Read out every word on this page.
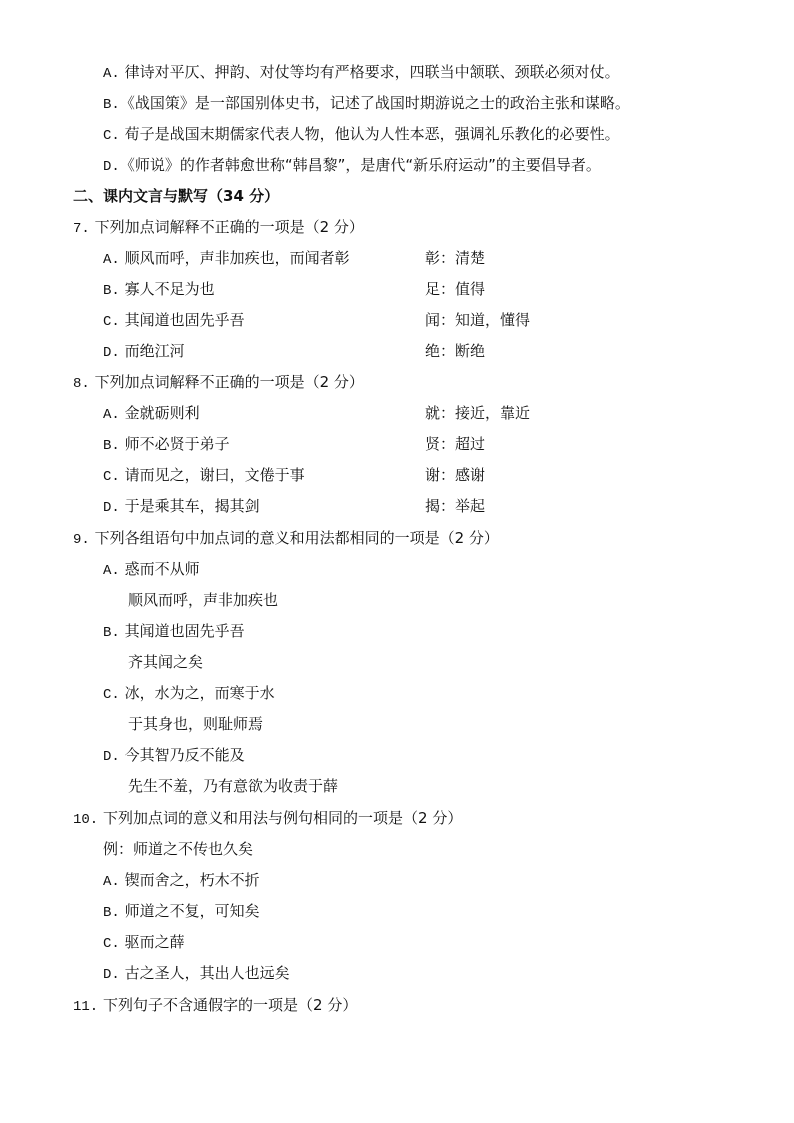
A. 律诗对平仄、押韵、对仗等均有严格要求，四联当中颔联、颈联必须对仗。
B.《战国策》是一部国别体史书，记述了战国时期游说之士的政治主张和谋略。
C. 荀子是战国末期儒家代表人物，他认为人性本恶，强调礼乐教化的必要性。
D.《师说》的作者韩愈世称“韩昌黎”，是唐代“新乐府运动”的主要倡导者。
二、课内文言与默写（34 分）
7. 下列加点词解释不正确的一项是（2 分）
A. 顺风而呼，声非加疾也，而闻者彰	彰：清楚
B. 寡人不足为也	足：值得
C. 其闻道也固先乎吾	闻：知道，懂得
D. 而绝江河	绝：断绝
8. 下列加点词解释不正确的一项是（2 分）
A. 金就砺则利	就：接近，靠近
B. 师不必贤于弟子	贤：超过
C. 请而见之，谢曰，文倦于事	谢：感谢
D. 于是乘其车，揭其剑	揭：举起
9. 下列各组语句中加点词的意义和用法都相同的一项是（2 分）
A. 惑而不从师
顺风而呼，声非加疾也
B. 其闻道也固先乎吾
齐其闻之矣
C. 冰，水为之，而寒于水
于其身也，则耻师焉
D. 今其智乃反不能及
先生不羞，乃有意欲为收责于薛
10. 下列加点词的意义和用法与例句相同的一项是（2 分）
例：师道之不传也久矣
A. 锲而舍之，朽木不折
B. 师道之不复，可知矣
C. 驱而之薛
D. 古之圣人，其出人也远矣
11. 下列句子不含通假字的一项是（2 分）
